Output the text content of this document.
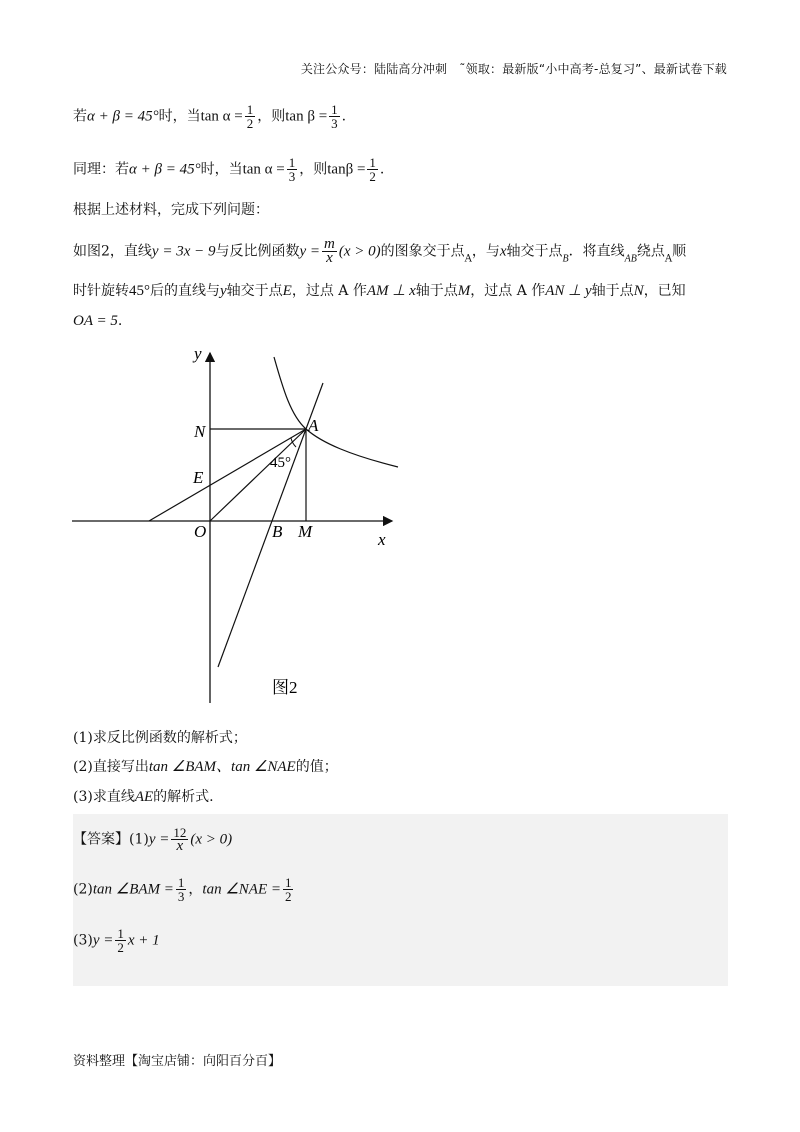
关注公众号：陆陆高分冲刺　˜领取：最新版“小中高考-总复习”、最新试卷下载
若α + β = 45°时，当$\tan \alpha = \frac{1}{2}$ ，则$\tan \beta = \frac{1}{3}$ .
同理：若α + β = 45°时，当$\tan \alpha = \frac{1}{3}$ ，则$\tan\beta = \frac{1}{2}$ .
根据上述材料，完成下列问题：
如图2，直线y = 3x − 9与反比例函数$y = \frac{m}{x} (x > 0)$的图象交于点$_A$，与x轴交于点$_B$．将直线$_{AB}$绕点$_A$顺
时针旋转45°后的直线与y轴交于点E，过点 A 作AM ⊥ x轴于点M，过点 A 作AN ⊥ y轴于点N，已知
OA = 5.
y
N	A
45°
E
O	B M	x
图2
(1)求反比例函数的解析式；
(2)直接写出tan ∠BAM、tan ∠NAE的值；
(3)求直线AE的解析式.
【答案】$(1)y = \frac{12}{x} (x > 0)$
(2)tan ∠BAM = $\frac{1}{3}$ ，tan ∠NAE = $\frac{1}{2}$
$(3)y = \frac{1}{2}$ x + 1
资料整理【淘宝店铺：向阳百分百】
